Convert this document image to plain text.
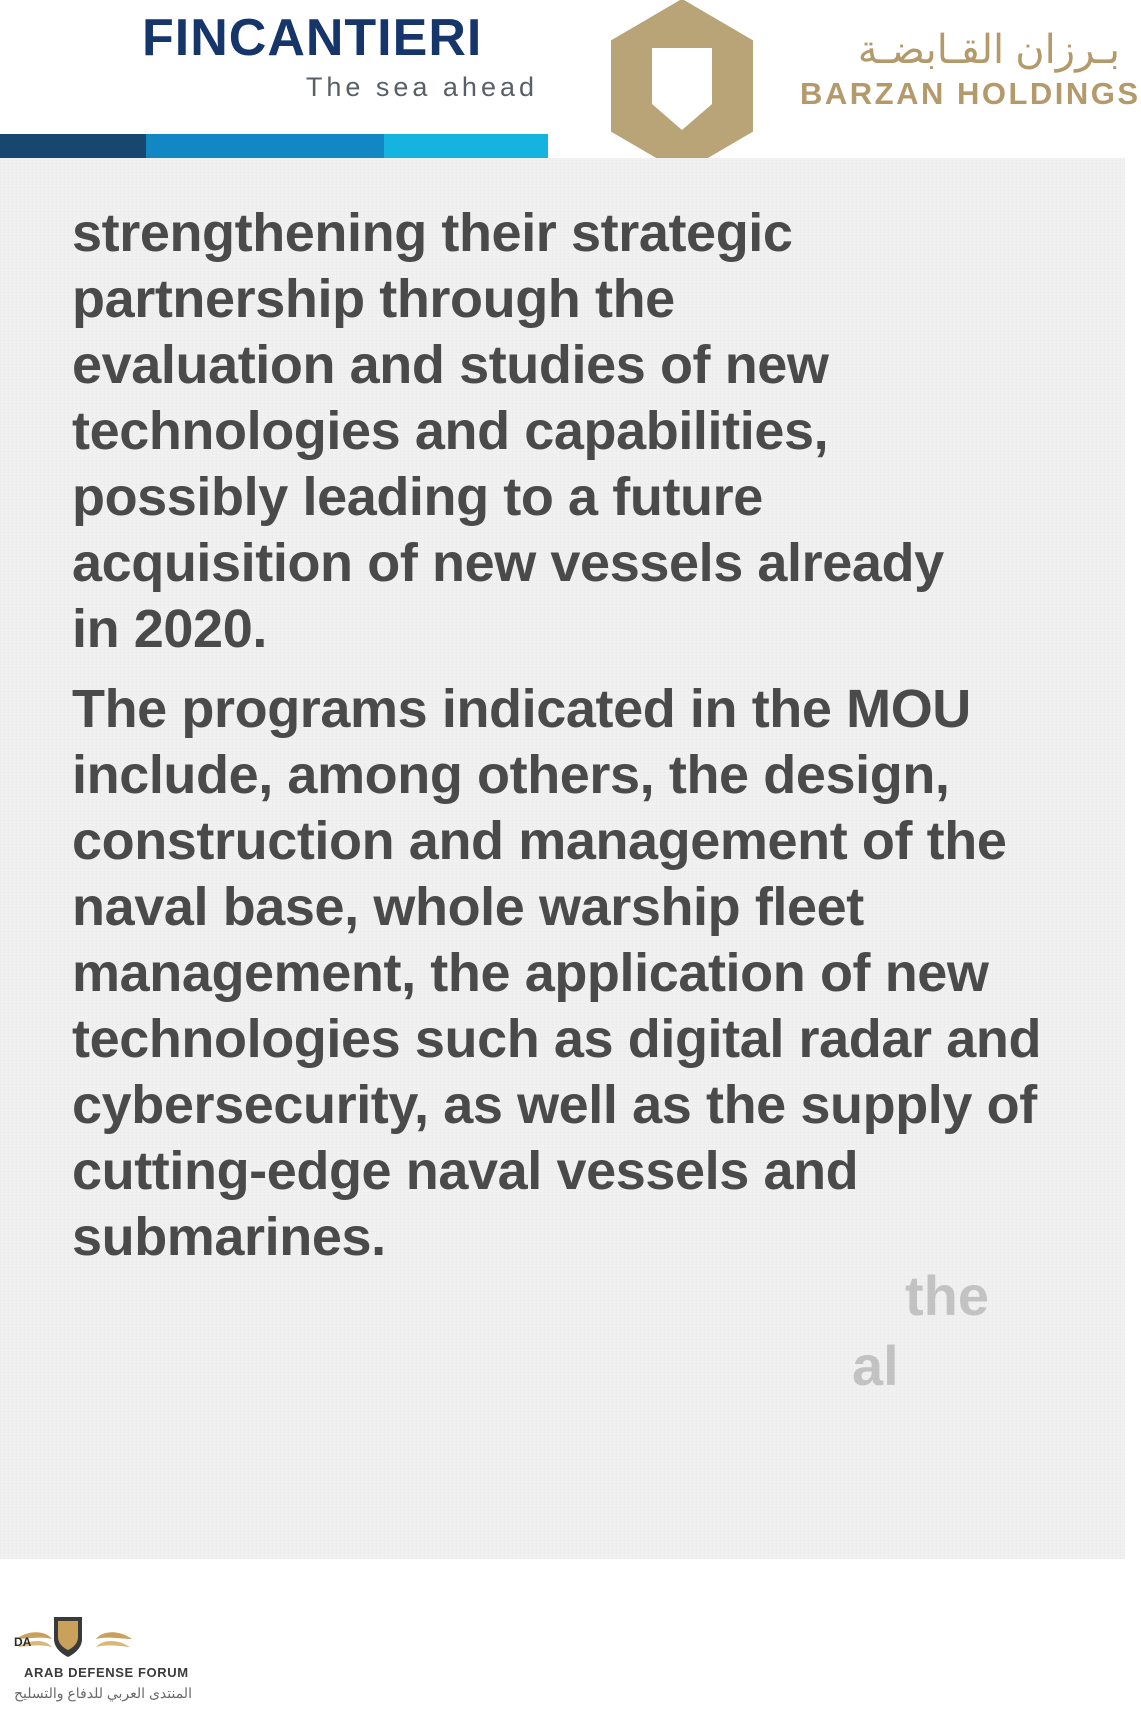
FINCANTIERI
The sea ahead
بـرزان القـابضـة
BARZAN HOLDINGS

strengthening their strategic partnership through the evaluation and studies of new technologies and capabilities, possibly leading to a future acquisition of new vessels already in 2020.

The programs indicated in the MOU include, among others, the design, construction and management of the naval base, whole warship fleet management, the application of new technologies such as digital radar and cybersecurity, as well as the supply of cutting-edge naval vessels and submarines.

the
al
DA
ARAB DEFENSE FORUM
المنتدى العربي للدفاع والتسليح
